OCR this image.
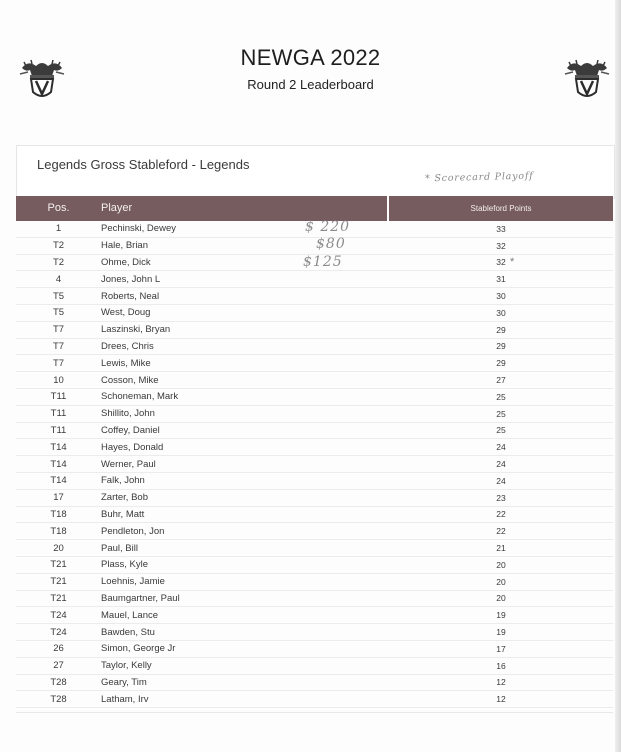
NEWGA 2022
Round 2 Leaderboard
Legends Gross Stableford - Legends
* Scorecard Playoff
Pos.	Player	Stableford Points
1	Pechinski, Dewey	33
T2	Hale, Brian	32
T2	Ohme, Dick	32
4	Jones, John L	31
T5	Roberts, Neal	30
T5	West, Doug	30
T7	Laszinski, Bryan	29
T7	Drees, Chris	29
T7	Lewis, Mike	29
10	Cosson, Mike	27
T11	Schoneman, Mark	25
T11	Shillito, John	25
T11	Coffey, Daniel	25
T14	Hayes, Donald	24
T14	Werner, Paul	24
T14	Falk, John	24
17	Zarter, Bob	23
T18	Buhr, Matt	22
T18	Pendleton, Jon	22
20	Paul, Bill	21
T21	Plass, Kyle	20
T21	Loehnis, Jamie	20
T21	Baumgartner, Paul	20
T24	Mauel, Lance	19
T24	Bawden, Stu	19
26	Simon, George Jr	17
27	Taylor, Kelly	16
T28	Geary, Tim	12
T28	Latham, Irv	12
$ 220
$80
$125	*
